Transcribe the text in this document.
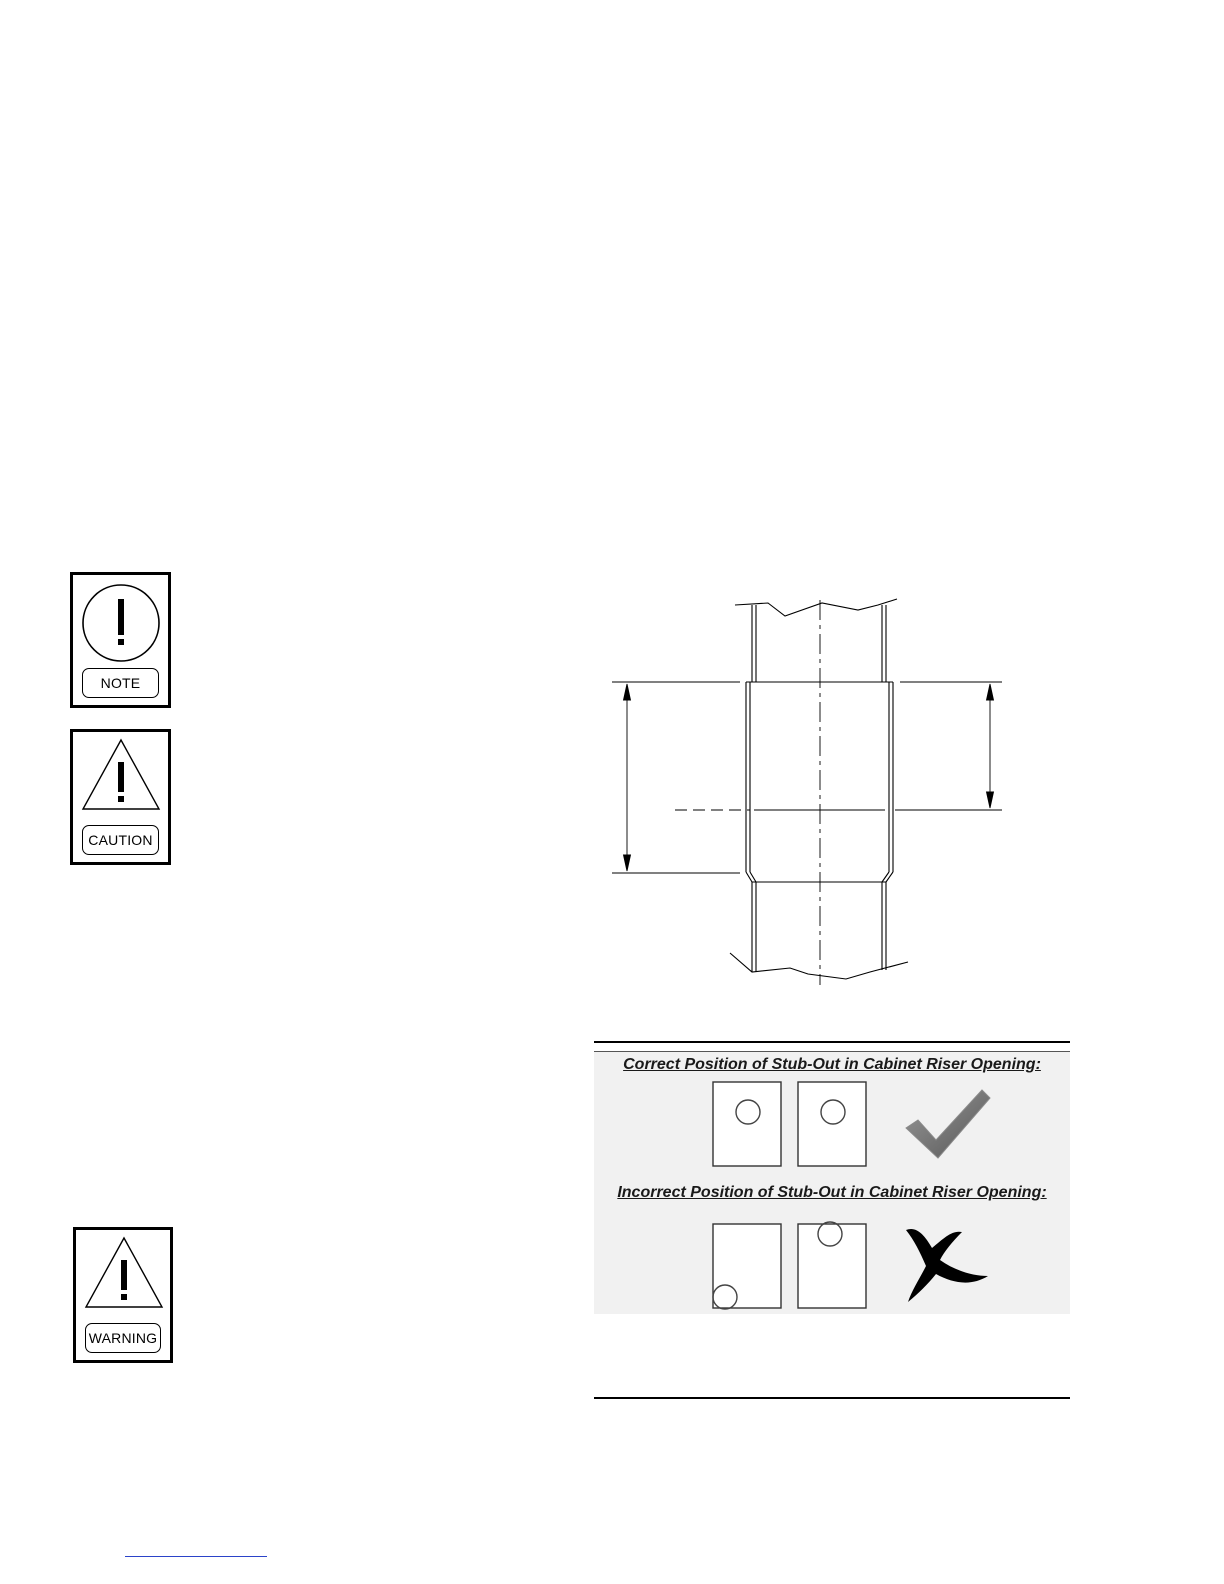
NOTE
CAUTION
WARNING
Correct Position of Stub-Out in Cabinet Riser Opening:
Incorrect Position of Stub-Out in Cabinet Riser Opening:
